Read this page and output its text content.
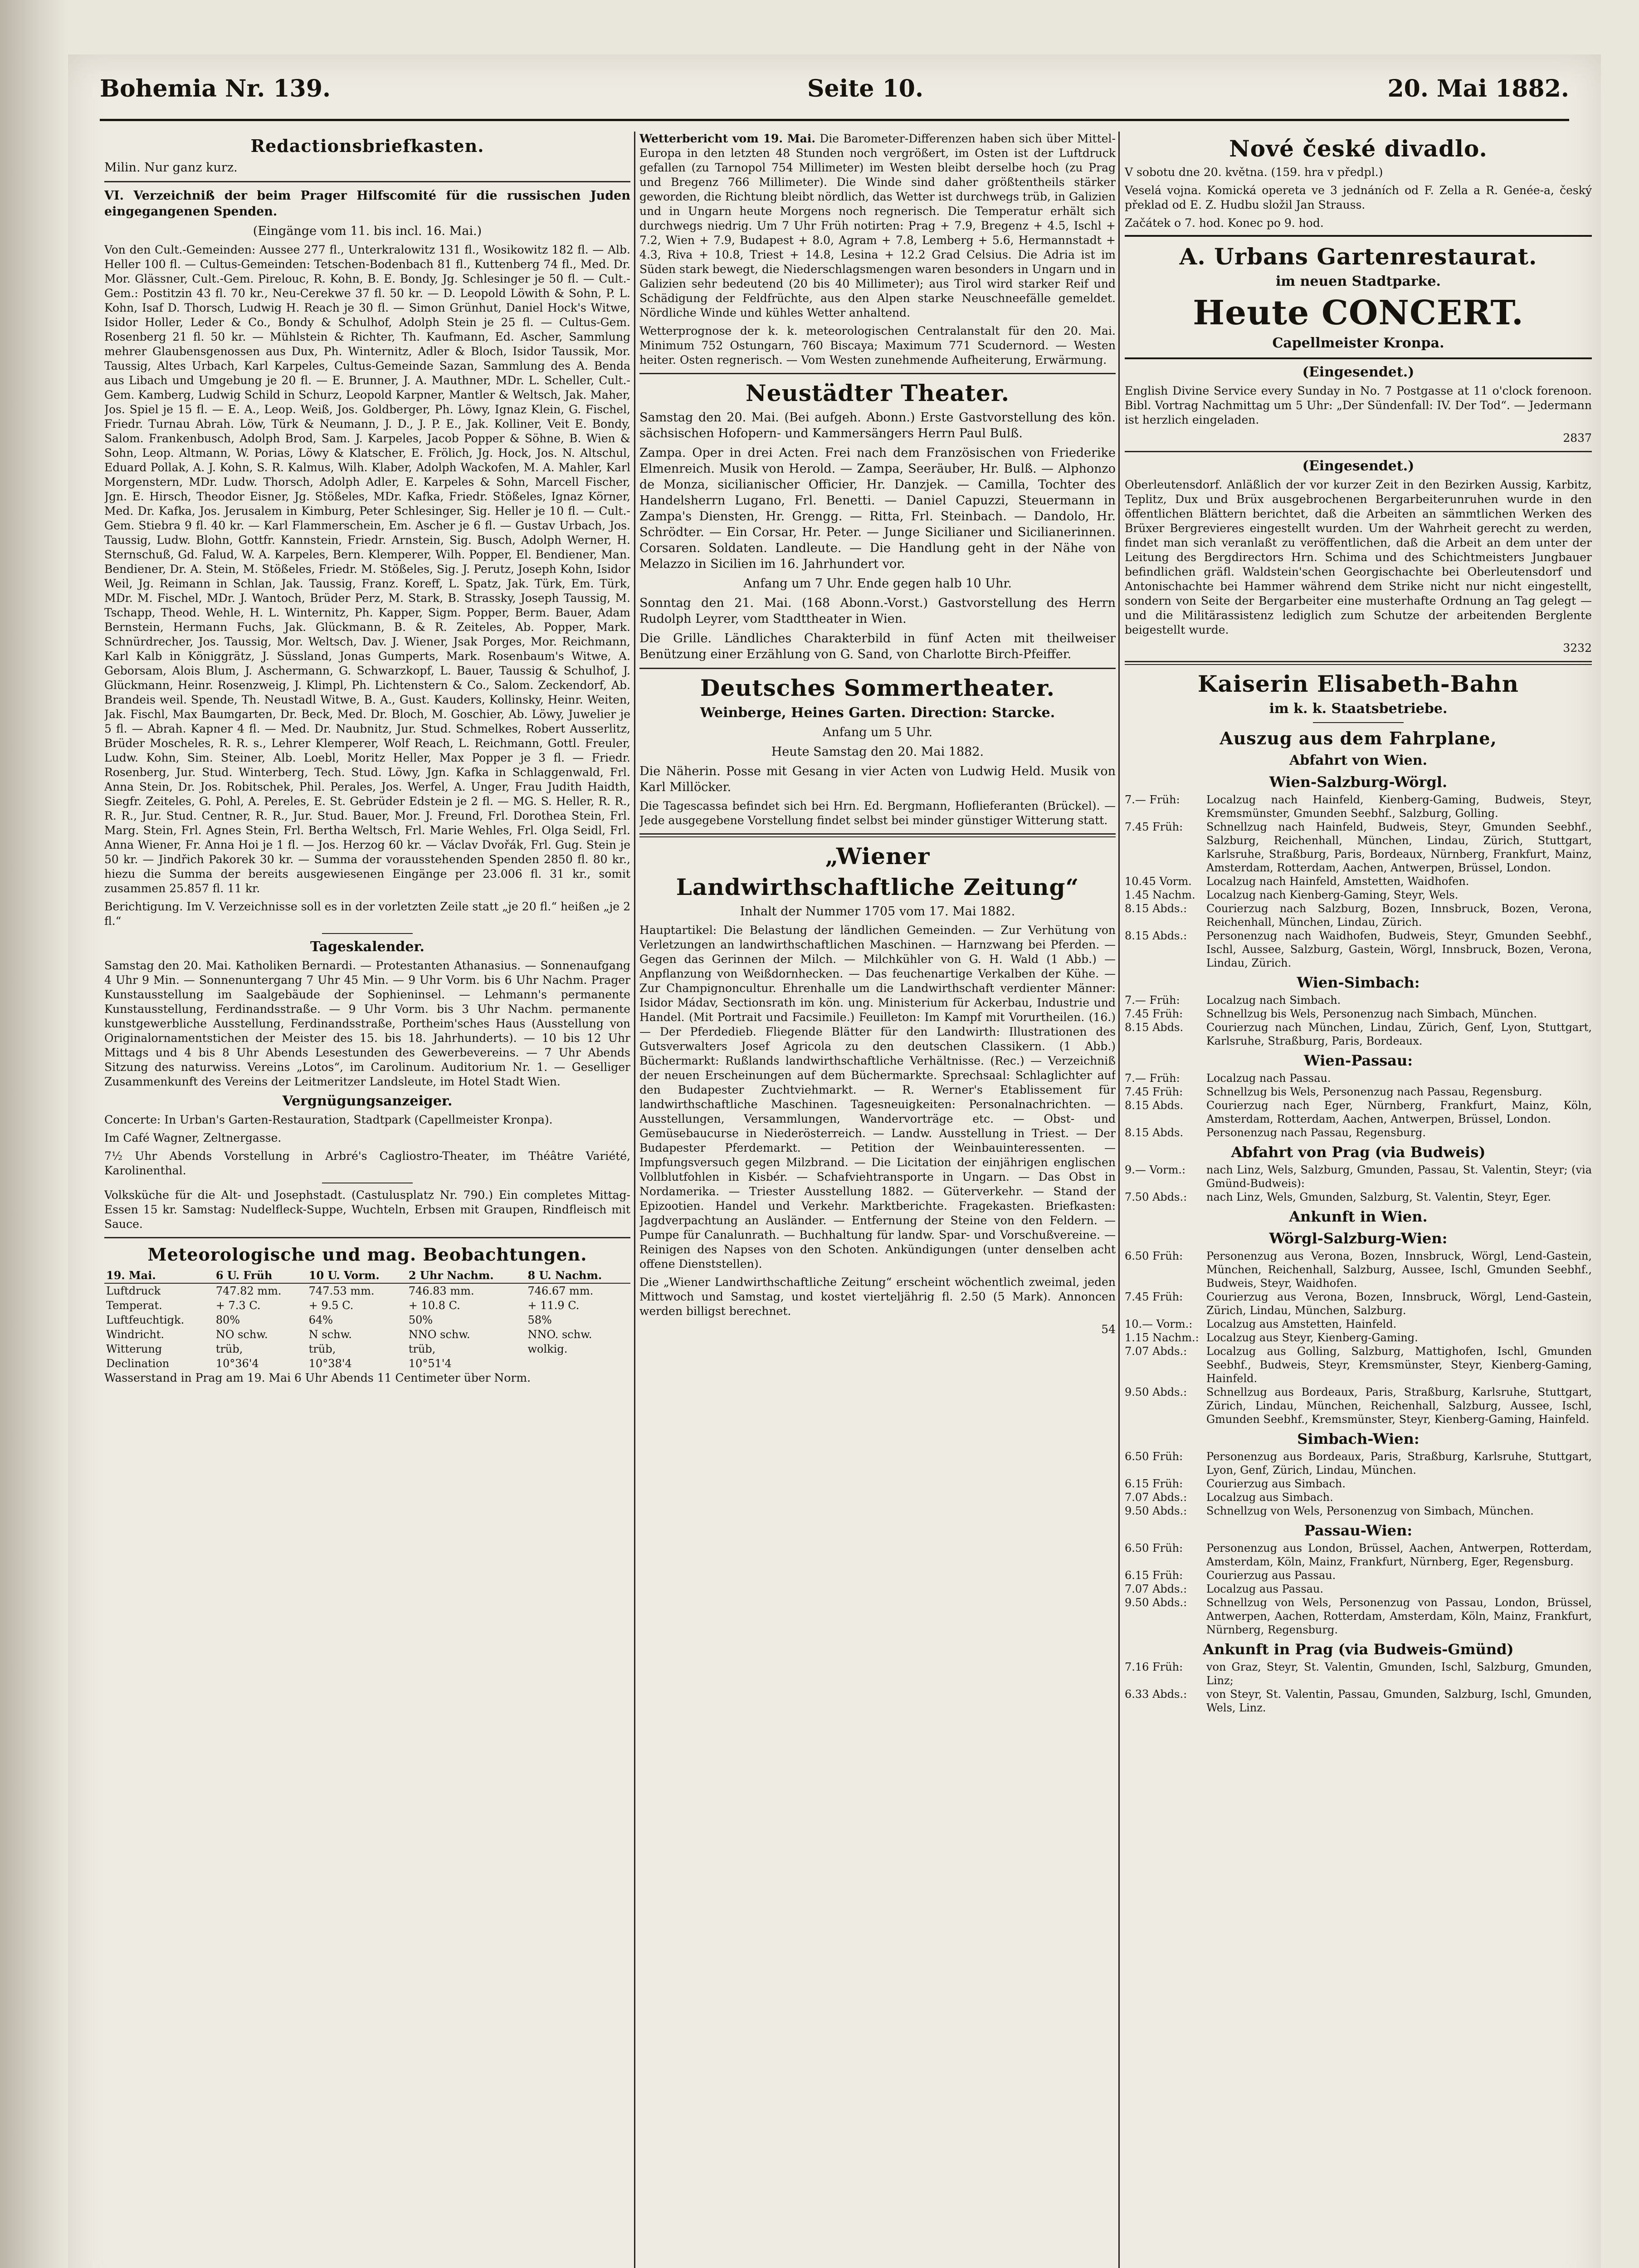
Bohemia Nr. 139.	Seite 10.	20. Mai 1882.
Redactionsbriefkasten.

Milin. Nur ganz kurz.

VI. Verzeichniß der beim Prager Hilfscomité für die russischen Juden eingegangenen Spenden.

(Eingänge vom 11. bis incl. 16. Mai.)

Von den Cult.-Gemeinden: Aussee 277 fl., Unterkralowitz 131 fl., Wosikowitz 182 fl. — Alb. Heller 100 fl. — Cultus-Gemeinden: Tetschen-Bodenbach 81 fl., Kuttenberg 74 fl., Med. Dr. Mor. Glässner, Cult.-Gem. Pirelouc, R. Kohn, B. E. Bondy, Jg. Schlesinger je 50 fl. — Cult.-Gem.: Postitzin 43 fl. 70 kr., Neu-Cerekwe 37 fl. 50 kr. — D. Leopold Löwith & Sohn, P. L. Kohn, Isaf D. Thorsch, Ludwig H. Reach je 30 fl. — Simon Grünhut, Daniel Hock's Witwe, Isidor Holler, Leder & Co., Bondy & Schulhof, Adolph Stein je 25 fl. — Cultus-Gem. Rosenberg 21 fl. 50 kr. — Mühlstein & Richter, Th. Kaufmann, Ed. Ascher, Sammlung mehrer Glaubensgenossen aus Dux, Ph. Winternitz, Adler & Bloch, Isidor Taussik, Mor. Taussig, Altes Urbach, Karl Karpeles, Cultus-Gemeinde Sazan, Sammlung des A. Benda aus Libach und Umgebung je 20 fl. — E. Brunner, J. A. Mauthner, MDr. L. Scheller, Cult.-Gem. Kamberg, Ludwig Schild in Schurz, Leopold Karpner, Mantler & Weltsch, Jak. Maher, Jos. Spiel je 15 fl. — E. A., Leop. Weiß, Jos. Goldberger, Ph. Löwy, Ignaz Klein, G. Fischel, Friedr. Turnau Abrah. Löw, Türk & Neumann, J. D., J. P. E., Jak. Kolliner, Veit E. Bondy, Salom. Frankenbusch, Adolph Brod, Sam. J. Karpeles, Jacob Popper & Söhne, B. Wien & Sohn, Leop. Altmann, W. Porias, Löwy & Klatscher, E. Frölich, Jg. Hock, Jos. N. Altschul, Eduard Pollak, A. J. Kohn, S. R. Kalmus, Wilh. Klaber, Adolph Wackofen, M. A. Mahler, Karl Morgenstern, MDr. Ludw. Thorsch, Adolph Adler, E. Karpeles & Sohn, Marcell Fischer, Jgn. E. Hirsch, Theodor Eisner, Jg. Stößeles, MDr. Kafka, Friedr. Stößeles, Ignaz Körner, Med. Dr. Kafka, Jos. Jerusalem in Kimburg, Peter Schlesinger, Sig. Heller je 10 fl. — Cult.-Gem. Stiebra 9 fl. 40 kr. — Karl Flammerschein, Em. Ascher je 6 fl. — Gustav Urbach, Jos. Taussig, Ludw. Blohn, Gottfr. Kannstein, Friedr. Arnstein, Sig. Busch, Adolph Werner, H. Sternschuß, Gd. Falud, W. A. Karpeles, Bern. Klemperer, Wilh. Popper, El. Bendiener, Man. Bendiener, Dr. A. Stein, M. Stößeles, Friedr. M. Stößeles, Sig. J. Perutz, Joseph Kohn, Isidor Weil, Jg. Reimann in Schlan, Jak. Taussig, Franz. Koreff, L. Spatz, Jak. Türk, Em. Türk, MDr. M. Fischel, MDr. J. Wantoch, Brüder Perz, M. Stark, B. Strassky, Joseph Taussig, M. Tschapp, Theod. Wehle, H. L. Winternitz, Ph. Kapper, Sigm. Popper, Berm. Bauer, Adam Bernstein, Hermann Fuchs, Jak. Glückmann, B. & R. Zeiteles, Ab. Popper, Mark. Schnürdrecher, Jos. Taussig, Mor. Weltsch, Dav. J. Wiener, Jsak Porges, Mor. Reichmann, Karl Kalb in Königgrätz, J. Süssland, Jonas Gumperts, Mark. Rosenbaum's Witwe, A. Geborsam, Alois Blum, J. Aschermann, G. Schwarzkopf, L. Bauer, Taussig & Schulhof, J. Glückmann, Heinr. Rosenzweig, J. Klimpl, Ph. Lichtenstern & Co., Salom. Zeckendorf, Ab. Brandeis weil. Spende, Th. Neustadl Witwe, B. A., Gust. Kauders, Kollinsky, Heinr. Weiten, Jak. Fischl, Max Baumgarten, Dr. Beck, Med. Dr. Bloch, M. Goschier, Ab. Löwy, Juwelier je 5 fl. — Abrah. Kapner 4 fl. — Med. Dr. Naubnitz, Jur. Stud. Schmelkes, Robert Ausserlitz, Brüder Moscheles, R. R. s., Lehrer Klemperer, Wolf Reach, L. Reichmann, Gottl. Freuler, Ludw. Kohn, Sim. Steiner, Alb. Loebl, Moritz Heller, Max Popper je 3 fl. — Friedr. Rosenberg, Jur. Stud. Winterberg, Tech. Stud. Löwy, Jgn. Kafka in Schlaggenwald, Frl. Anna Stein, Dr. Jos. Robitschek, Phil. Perales, Jos. Werfel, A. Unger, Frau Judith Haidth, Siegfr. Zeiteles, G. Pohl, A. Pereles, E. St. Gebrüder Edstein je 2 fl. — MG. S. Heller, R. R., R. R., Jur. Stud. Centner, R. R., Jur. Stud. Bauer, Mor. J. Freund, Frl. Dorothea Stein, Frl. Marg. Stein, Frl. Agnes Stein, Frl. Bertha Weltsch, Frl. Marie Wehles, Frl. Olga Seidl, Frl. Anna Wiener, Fr. Anna Hoi je 1 fl. — Jos. Herzog 60 kr. — Václav Dvořák, Frl. Gug. Stein je 50 kr. — Jindřich Pakorek 30 kr. — Summa der vorausstehenden Spenden 2850 fl. 80 kr., hiezu die Summa der bereits ausgewiesenen Eingänge per 23.006 fl. 31 kr., somit zusammen 25.857 fl. 11 kr.

Berichtigung. Im V. Verzeichnisse soll es in der vorletzten Zeile statt „je 20 fl.“ heißen „je 2 fl.“

Tageskalender.

Samstag den 20. Mai. Katholiken Bernardi. — Protestanten Athanasius. — Sonnenaufgang 4 Uhr 9 Min. — Sonnenuntergang 7 Uhr 45 Min. — 9 Uhr Vorm. bis 6 Uhr Nachm. Prager Kunstausstellung im Saalgebäude der Sophieninsel. — Lehmann's permanente Kunstausstellung, Ferdinandsstraße. — 9 Uhr Vorm. bis 3 Uhr Nachm. permanente kunstgewerbliche Ausstellung, Ferdinandsstraße, Portheim'sches Haus (Ausstellung von Originalornamentstichen der Meister des 15. bis 18. Jahrhunderts). — 10 bis 12 Uhr Mittags und 4 bis 8 Uhr Abends Lesestunden des Gewerbevereins. — 7 Uhr Abends Sitzung des naturwiss. Vereins „Lotos“, im Carolinum. Auditorium Nr. 1. — Geselliger Zusammenkunft des Vereins der Leitmeritzer Landsleute, im Hotel Stadt Wien.

Vergnügungsanzeiger.

Concerte: In Urban's Garten-Restauration, Stadtpark (Capellmeister Kronpa).

Im Café Wagner, Zeltnergasse.

7½ Uhr Abends Vorstellung in Arbré's Cagliostro-Theater, im Théâtre Variété, Karolinenthal.

Volksküche für die Alt- und Josephstadt. (Castulusplatz Nr. 790.) Ein completes Mittag-Essen 15 kr. Samstag: Nudelfleck-Suppe, Wuchteln, Erbsen mit Graupen, Rindfleisch mit Sauce.

Meteorologische und mag. Beobachtungen.
19. Mai.	6 U. Früh	10 U. Vorm.	2 Uhr Nachm.	8 U. Nachm.
Luftdruck	747.82 mm.	747.53 mm.	746.83 mm.	746.67 mm.
Temperat.	+ 7.3 C.	+ 9.5 C.	+ 10.8 C.	+ 11.9 C.
Luftfeuchtigk.	80%	64%	50%	58%
Windricht.	NO schw.	N schw.	NNO schw.	NNO. schw.
Witterung	trüb,	trüb,	trüb,	wolkig.
Declination	10°36'4	10°38'4	10°51'4	

Wasserstand in Prag am 19. Mai 6 Uhr Abends 11 Centimeter über Norm.

Wetterbericht vom 19. Mai. Die Barometer-Differenzen haben sich über Mittel-Europa in den letzten 48 Stunden noch vergrößert, im Osten ist der Luftdruck gefallen (zu Tarnopol 754 Millimeter) im Westen bleibt derselbe hoch (zu Prag und Bregenz 766 Millimeter). Die Winde sind daher größtentheils stärker geworden, die Richtung bleibt nördlich, das Wetter ist durchwegs trüb, in Galizien und in Ungarn heute Morgens noch regnerisch. Die Temperatur erhält sich durchwegs niedrig. Um 7 Uhr Früh notirten: Prag + 7.9, Bregenz + 4.5, Ischl + 7.2, Wien + 7.9, Budapest + 8.0, Agram + 7.8, Lemberg + 5.6, Hermannstadt + 4.3, Riva + 10.8, Triest + 14.8, Lesina + 12.2 Grad Celsius. Die Adria ist im Süden stark bewegt, die Niederschlagsmengen waren besonders in Ungarn und in Galizien sehr bedeutend (20 bis 40 Millimeter); aus Tirol wird starker Reif und Schädigung der Feldfrüchte, aus den Alpen starke Neuschneefälle gemeldet. Nördliche Winde und kühles Wetter anhaltend.

Wetterprognose der k. k. meteorologischen Centralanstalt für den 20. Mai. Minimum 752 Ostungarn, 760 Biscaya; Maximum 771 Scudernord. — Westen heiter. Osten regnerisch. — Vom Westen zunehmende Aufheiterung, Erwärmung.

Neustädter Theater.

Samstag den 20. Mai. (Bei aufgeh. Abonn.) Erste Gastvorstellung des kön. sächsischen Hofopern- und Kammersängers Herrn Paul Bulß.

Zampa. Oper in drei Acten. Frei nach dem Französischen von Friederike Elmenreich. Musik von Herold. — Zampa, Seeräuber, Hr. Bulß. — Alphonzo de Monza, sicilianischer Officier, Hr. Danzjek. — Camilla, Tochter des Handelsherrn Lugano, Frl. Benetti. — Daniel Capuzzi, Steuermann in Zampa's Diensten, Hr. Grengg. — Ritta, Frl. Steinbach. — Dandolo, Hr. Schrödter. — Ein Corsar, Hr. Peter. — Junge Sicilianer und Sicilianerinnen. Corsaren. Soldaten. Landleute. — Die Handlung geht in der Nähe von Melazzo in Sicilien im 16. Jahrhundert vor.

Anfang um 7 Uhr. Ende gegen halb 10 Uhr.

Sonntag den 21. Mai. (168 Abonn.-Vorst.) Gastvorstellung des Herrn Rudolph Leyrer, vom Stadttheater in Wien.

Die Grille. Ländliches Charakterbild in fünf Acten mit theilweiser Benützung einer Erzählung von G. Sand, von Charlotte Birch-Pfeiffer.

Deutsches Sommertheater.
Weinberge, Heines Garten. Direction: Starcke.

Anfang um 5 Uhr.

Heute Samstag den 20. Mai 1882.

Die Näherin. Posse mit Gesang in vier Acten von Ludwig Held. Musik von Karl Millöcker.

Die Tagescassa befindet sich bei Hrn. Ed. Bergmann, Hoflieferanten (Brückel). — Jede ausgegebene Vorstellung findet selbst bei minder günstiger Witterung statt.

„Wiener
Landwirthschaftliche Zeitung“

Inhalt der Nummer 1705 vom 17. Mai 1882.

Hauptartikel: Die Belastung der ländlichen Gemeinden. — Zur Verhütung von Verletzungen an landwirthschaftlichen Maschinen. — Harnzwang bei Pferden. — Gegen das Gerinnen der Milch. — Milchkühler von G. H. Wald (1 Abb.) — Anpflanzung von Weißdornhecken. — Das feuchenartige Verkalben der Kühe. — Zur Champignoncultur. Ehrenhalle um die Landwirthschaft verdienter Männer: Isidor Mádav, Sectionsrath im kön. ung. Ministerium für Ackerbau, Industrie und Handel. (Mit Portrait und Facsimile.) Feuilleton: Im Kampf mit Vorurtheilen. (16.) — Der Pferdedieb. Fliegende Blätter für den Landwirth: Illustrationen des Gutsverwalters Josef Agricola zu den deutschen Classikern. (1 Abb.) Büchermarkt: Rußlands landwirthschaftliche Verhältnisse. (Rec.) — Verzeichniß der neuen Erscheinungen auf dem Büchermarkte. Sprechsaal: Schlaglichter auf den Budapester Zuchtviehmarkt. — R. Werner's Etablissement für landwirthschaftliche Maschinen. Tagesneuigkeiten: Personalnachrichten. — Ausstellungen, Versammlungen, Wandervorträge etc. — Obst- und Gemüsebaucurse in Niederösterreich. — Landw. Ausstellung in Triest. — Der Budapester Pferdemarkt. — Petition der Weinbauinteressenten. — Impfungsversuch gegen Milzbrand. — Die Licitation der einjährigen englischen Vollblutfohlen in Kisbér. — Schafviehtransporte in Ungarn. — Das Obst in Nordamerika. — Triester Ausstellung 1882. — Güterverkehr. — Stand der Epizootien. Handel und Verkehr. Marktberichte. Fragekasten. Briefkasten: Jagdverpachtung an Ausländer. — Entfernung der Steine von den Feldern. — Pumpe für Canalunrath. — Buchhaltung für landw. Spar- und Vorschußvereine. — Reinigen des Napses von den Schoten. Ankündigungen (unter denselben acht offene Dienststellen).

Die „Wiener Landwirthschaftliche Zeitung“ erscheint wöchentlich zweimal, jeden Mittwoch und Samstag, und kostet vierteljährig fl. 2.50 (5 Mark). Annoncen werden billigst berechnet.

54

Nové české divadlo.

V sobotu dne 20. května. (159. hra v předpl.)

Veselá vojna. Komická opereta ve 3 jednáních od F. Zella a R. Genée-a, český překlad od E. Z. Hudbu složil Jan Strauss.

Začátek o 7. hod. Konec po 9. hod.

A. Urbans Gartenrestaurat.
im neuen Stadtparke.
Heute CONCERT.
Capellmeister Kronpa.
(Eingesendet.)

English Divine Service every Sunday in No. 7 Postgasse at 11 o'clock forenoon. Bibl. Vortrag Nachmittag um 5 Uhr: „Der Sündenfall: IV. Der Tod“. — Jedermann ist herzlich eingeladen.

2837

(Eingesendet.)

Oberleutensdorf. Anläßlich der vor kurzer Zeit in den Bezirken Aussig, Karbitz, Teplitz, Dux und Brüx ausgebrochenen Bergarbeiterunruhen wurde in den öffentlichen Blättern berichtet, daß die Arbeiten an sämmtlichen Werken des Brüxer Bergrevieres eingestellt wurden. Um der Wahrheit gerecht zu werden, findet man sich veranlaßt zu veröffentlichen, daß die Arbeit an dem unter der Leitung des Bergdirectors Hrn. Schima und des Schichtmeisters Jungbauer befindlichen gräfl. Waldstein'schen Georgischachte bei Oberleutensdorf und Antonischachte bei Hammer während dem Strike nicht nur nicht eingestellt, sondern von Seite der Bergarbeiter eine musterhafte Ordnung an Tag gelegt — und die Militärassistenz lediglich zum Schutze der arbeitenden Berglente beigestellt wurde.

3232

Kaiserin Elisabeth-Bahn
im k. k. Staatsbetriebe.
Auszug aus dem Fahrplane,
Abfahrt von Wien.
Wien-Salzburg-Wörgl.
7.— Früh:	Localzug nach Hainfeld, Kienberg-Gaming, Budweis, Steyr, Kremsmünster, Gmunden Seebhf., Salzburg, Golling.
7.45 Früh:	Schnellzug nach Hainfeld, Budweis, Steyr, Gmunden Seebhf., Salzburg, Reichenhall, München, Lindau, Zürich, Stuttgart, Karlsruhe, Straßburg, Paris, Bordeaux, Nürnberg, Frankfurt, Mainz, Amsterdam, Rotterdam, Aachen, Antwerpen, Brüssel, London.
10.45 Vorm.	Localzug nach Hainfeld, Amstetten, Waidhofen.
1.45 Nachm.	Localzug nach Kienberg-Gaming, Steyr, Wels.
8.15 Abds.:	Courierzug nach Salzburg, Bozen, Innsbruck, Bozen, Verona, Reichenhall, München, Lindau, Zürich.
8.15 Abds.:	Personenzug nach Waidhofen, Budweis, Steyr, Gmunden Seebhf., Ischl, Aussee, Salzburg, Gastein, Wörgl, Innsbruck, Bozen, Verona, Lindau, Zürich.
Wien-Simbach:
7.— Früh:	Localzug nach Simbach.
7.45 Früh:	Schnellzug bis Wels, Personenzug nach Simbach, München.
8.15 Abds.	Courierzug nach München, Lindau, Zürich, Genf, Lyon, Stuttgart, Karlsruhe, Straßburg, Paris, Bordeaux.
Wien-Passau:
7.— Früh:	Localzug nach Passau.
7.45 Früh:	Schnellzug bis Wels, Personenzug nach Passau, Regensburg.
8.15 Abds.	Courierzug nach Eger, Nürnberg, Frankfurt, Mainz, Köln, Amsterdam, Rotterdam, Aachen, Antwerpen, Brüssel, London.
8.15 Abds.	Personenzug nach Passau, Regensburg.
Abfahrt von Prag (via Budweis)
9.— Vorm.:	nach Linz, Wels, Salzburg, Gmunden, Passau, St. Valentin, Steyr; (via Gmünd-Budweis):
7.50 Abds.:	nach Linz, Wels, Gmunden, Salzburg, St. Valentin, Steyr, Eger.
Ankunft in Wien.
Wörgl-Salzburg-Wien:
6.50 Früh:	Personenzug aus Verona, Bozen, Innsbruck, Wörgl, Lend-Gastein, München, Reichenhall, Salzburg, Aussee, Ischl, Gmunden Seebhf., Budweis, Steyr, Waidhofen.
7.45 Früh:	Courierzug aus Verona, Bozen, Innsbruck, Wörgl, Lend-Gastein, Zürich, Lindau, München, Salzburg.
10.— Vorm.:	Localzug aus Amstetten, Hainfeld.
1.15 Nachm.: Localzug aus Steyr, Kienberg-Gaming.
7.07 Abds.:	Localzug aus Golling, Salzburg, Mattighofen, Ischl, Gmunden Seebhf., Budweis, Steyr, Kremsmünster, Steyr, Kienberg-Gaming, Hainfeld.
9.50 Abds.:	Schnellzug aus Bordeaux, Paris, Straßburg, Karlsruhe, Stuttgart, Zürich, Lindau, München, Reichenhall, Salzburg, Aussee, Ischl, Gmunden Seebhf., Kremsmünster, Steyr, Kienberg-Gaming, Hainfeld.
Simbach-Wien:
6.50 Früh:	Personenzug aus Bordeaux, Paris, Straßburg, Karlsruhe, Stuttgart, Lyon, Genf, Zürich, Lindau, München.
6.15 Früh:	Courierzug aus Simbach.
7.07 Abds.:	Localzug aus Simbach.
9.50 Abds.:	Schnellzug von Wels, Personenzug von Simbach, München.
Passau-Wien:
6.50 Früh:	Personenzug aus London, Brüssel, Aachen, Antwerpen, Rotterdam, Amsterdam, Köln, Mainz, Frankfurt, Nürnberg, Eger, Regensburg.
6.15 Früh:	Courierzug aus Passau.
7.07 Abds.:	Localzug aus Passau.
9.50 Abds.:	Schnellzug von Wels, Personenzug von Passau, London, Brüssel, Antwerpen, Aachen, Rotterdam, Amsterdam, Köln, Mainz, Frankfurt, Nürnberg, Regensburg.
Ankunft in Prag (via Budweis-Gmünd)
7.16 Früh:	von Graz, Steyr, St. Valentin, Gmunden, Ischl, Salzburg, Gmunden, Linz;
6.33 Abds.:	von Steyr, St. Valentin, Passau, Gmunden, Salzburg, Ischl, Gmunden, Wels, Linz.
